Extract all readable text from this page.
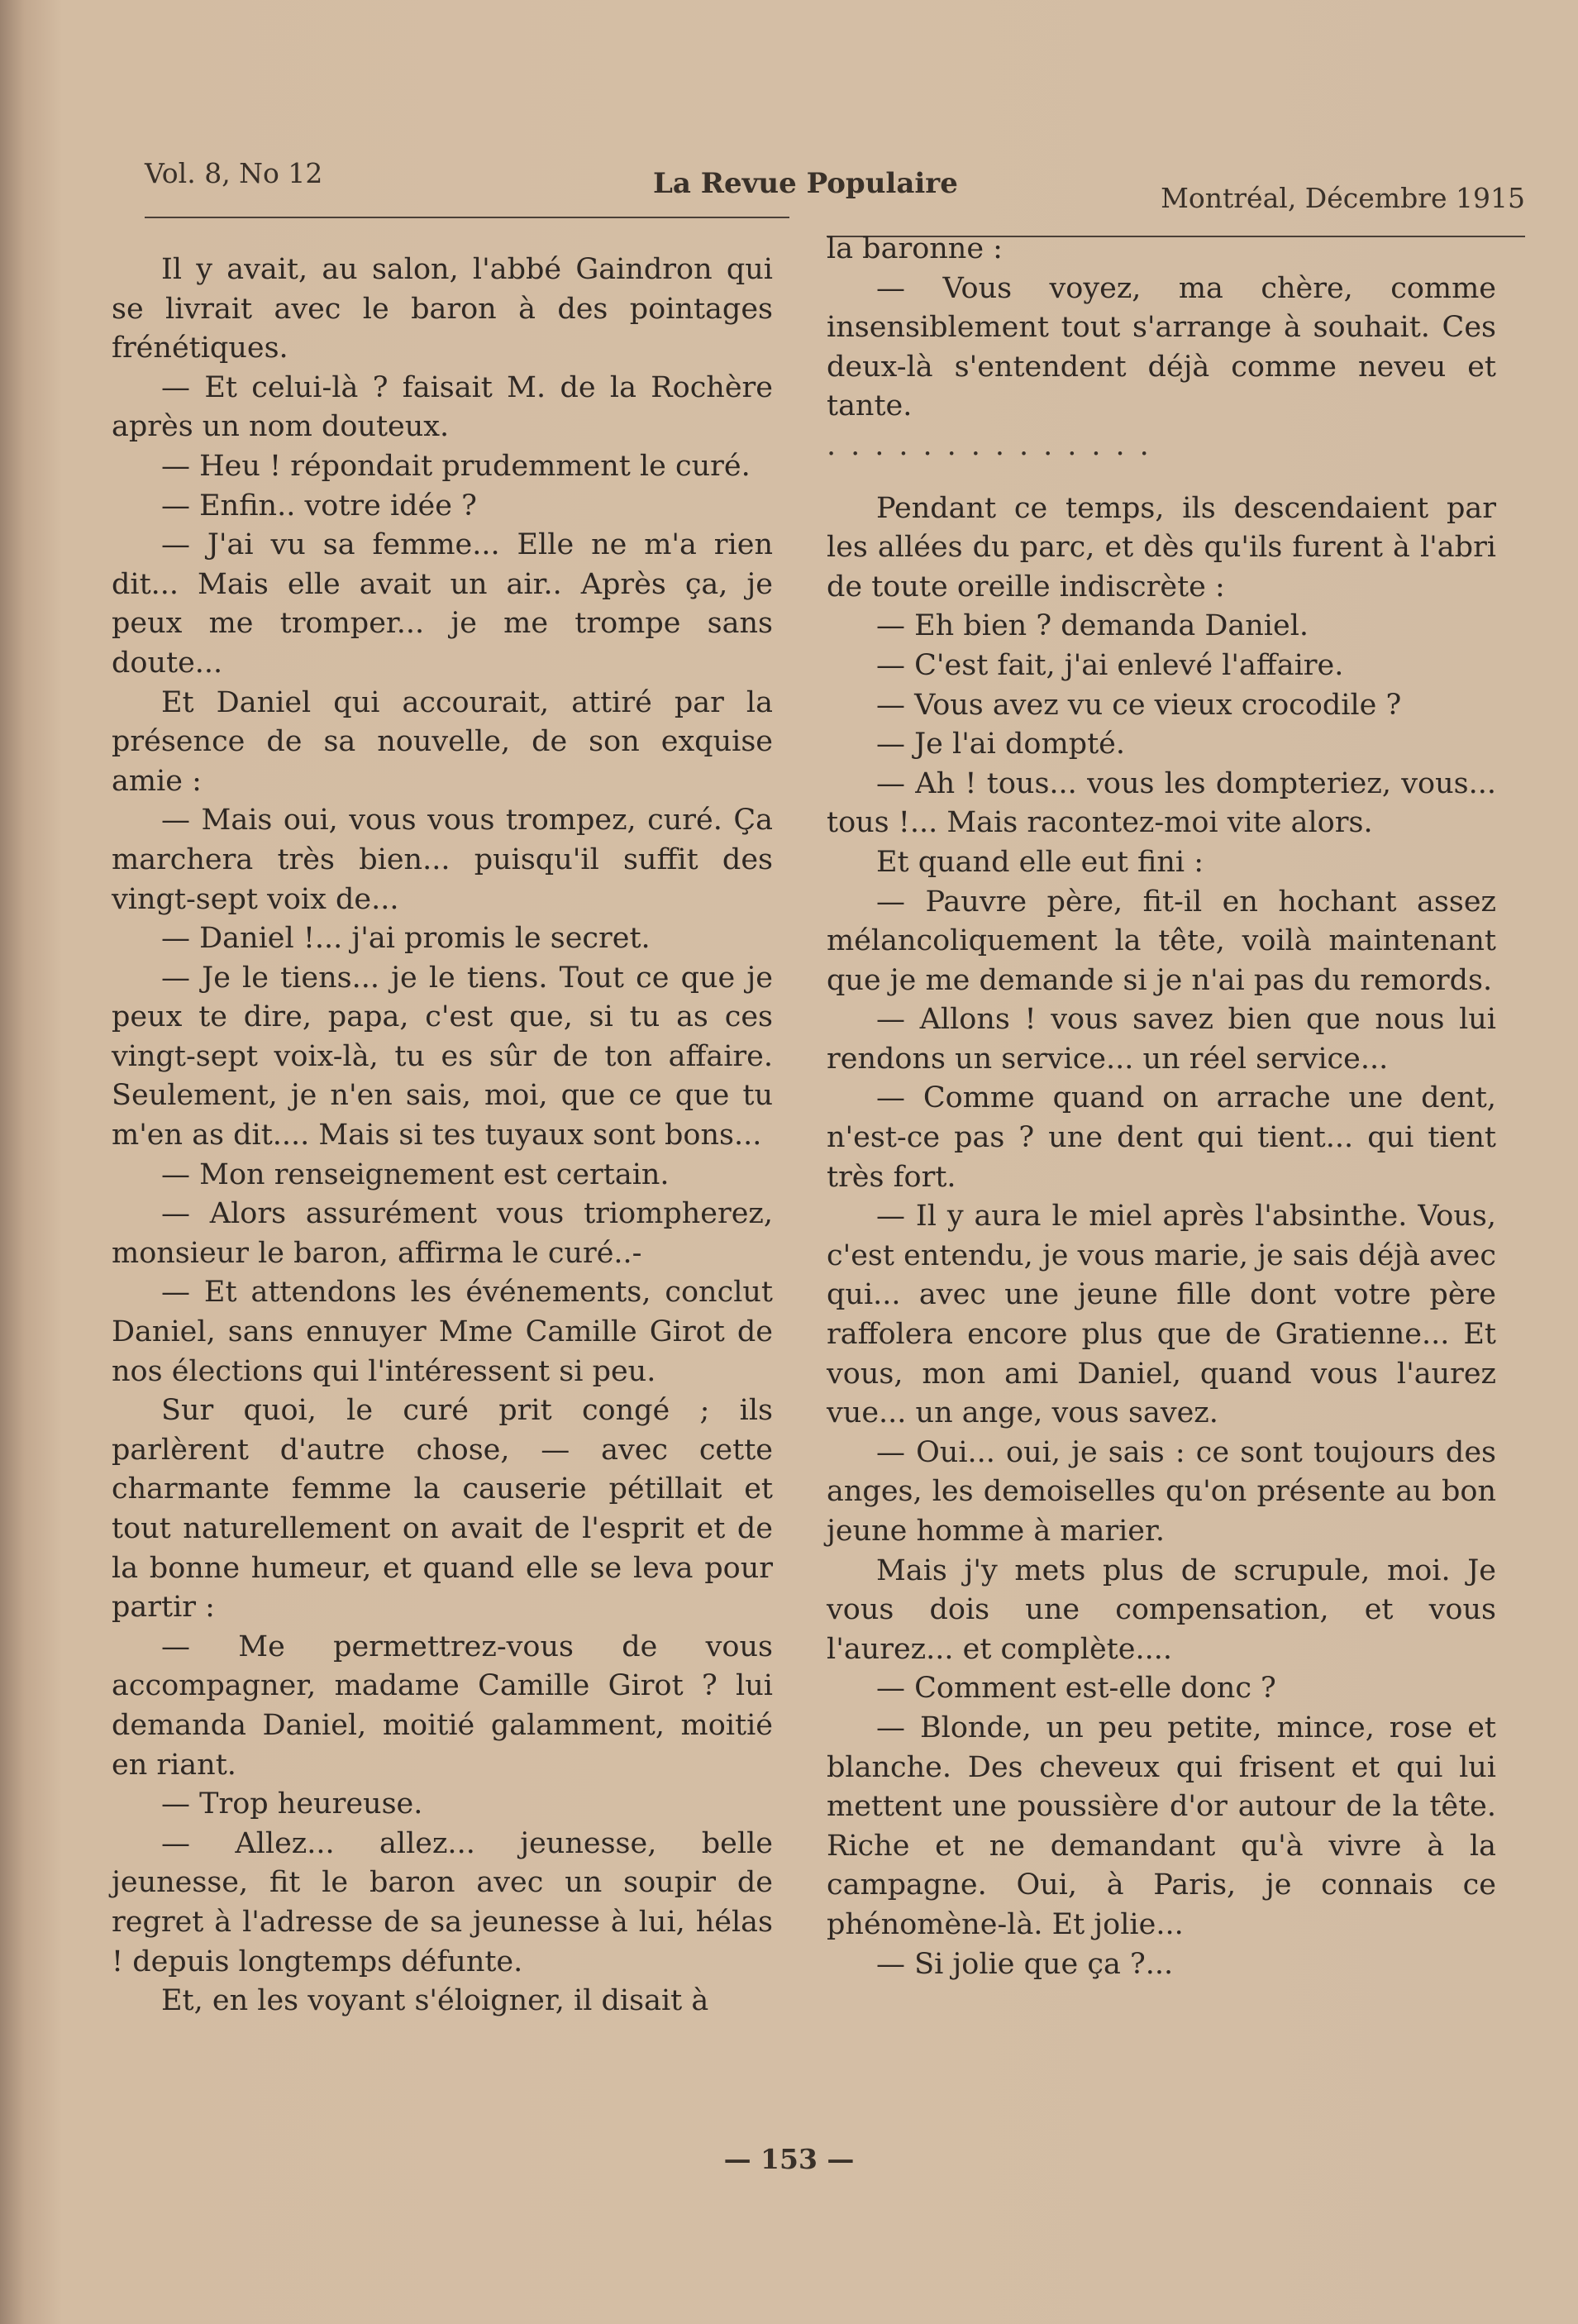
Vol. 8, No 12	La Revue Populaire	Montréal, Décembre 1915

Il y avait, au salon, l'abbé Gaindron qui se livrait avec le baron à des pointages frénétiques.

— Et celui-là ? faisait M. de la Rochère après un nom douteux.

— Heu ! répondait prudemment le curé.

— Enfin.. votre idée ?

— J'ai vu sa femme... Elle ne m'a rien dit... Mais elle avait un air.. Après ça, je peux me tromper... je me trompe sans doute...

Et Daniel qui accourait, attiré par la présence de sa nouvelle, de son exquise amie :

— Mais oui, vous vous trompez, curé. Ça marchera très bien... puisqu'il suffit des vingt-sept voix de...

— Daniel !... j'ai promis le secret.

— Je le tiens... je le tiens. Tout ce que je peux te dire, papa, c'est que, si tu as ces vingt-sept voix-là, tu es sûr de ton affaire. Seulement, je n'en sais, moi, que ce que tu m'en as dit.... Mais si tes tuyaux sont bons...

— Mon renseignement est certain.

— Alors assurément vous triompherez, monsieur le baron, affirma le curé..-

— Et attendons les événements, conclut Daniel, sans ennuyer Mme Camille Girot de nos élections qui l'intéressent si peu.

Sur quoi, le curé prit congé ; ils parlèrent d'autre chose, — avec cette charmante femme la causerie pétillait et tout naturellement on avait de l'esprit et de la bonne humeur, et quand elle se leva pour partir :

— Me permettrez-vous de vous accompagner, madame Camille Girot ? lui demanda Daniel, moitié galamment, moitié en riant.

— Trop heureuse.

— Allez... allez... jeunesse, belle jeunesse, fit le baron avec un soupir de regret à l'adresse de sa jeunesse à lui, hélas ! depuis longtemps défunte.

Et, en les voyant s'éloigner, il disait à

la baronne :

— Vous voyez, ma chère, comme insensiblement tout s'arrange à souhait. Ces deux-là s'entendent déjà comme neveu et tante.

..............

Pendant ce temps, ils descendaient par les allées du parc, et dès qu'ils furent à l'abri de toute oreille indiscrète :

— Eh bien ? demanda Daniel.

— C'est fait, j'ai enlevé l'affaire.

— Vous avez vu ce vieux crocodile ?

— Je l'ai dompté.

— Ah ! tous... vous les dompteriez, vous... tous !... Mais racontez-moi vite alors.

Et quand elle eut fini :

— Pauvre père, fit-il en hochant assez mélancoliquement la tête, voilà maintenant que je me demande si je n'ai pas du remords.

— Allons ! vous savez bien que nous lui rendons un service... un réel service...

— Comme quand on arrache une dent, n'est-ce pas ? une dent qui tient... qui tient très fort.

— Il y aura le miel après l'absinthe. Vous, c'est entendu, je vous marie, je sais déjà avec qui... avec une jeune fille dont votre père raffolera encore plus que de Gratienne... Et vous, mon ami Daniel, quand vous l'aurez vue... un ange, vous savez.

— Oui... oui, je sais : ce sont toujours des anges, les demoiselles qu'on présente au bon jeune homme à marier.

Mais j'y mets plus de scrupule, moi. Je vous dois une compensation, et vous l'aurez... et complète....

— Comment est-elle donc ?

— Blonde, un peu petite, mince, rose et blanche. Des cheveux qui frisent et qui lui mettent une poussière d'or autour de la tête. Riche et ne demandant qu'à vivre à la campagne. Oui, à Paris, je connais ce phénomène-là. Et jolie...

— Si jolie que ça ?...

— 153 —
